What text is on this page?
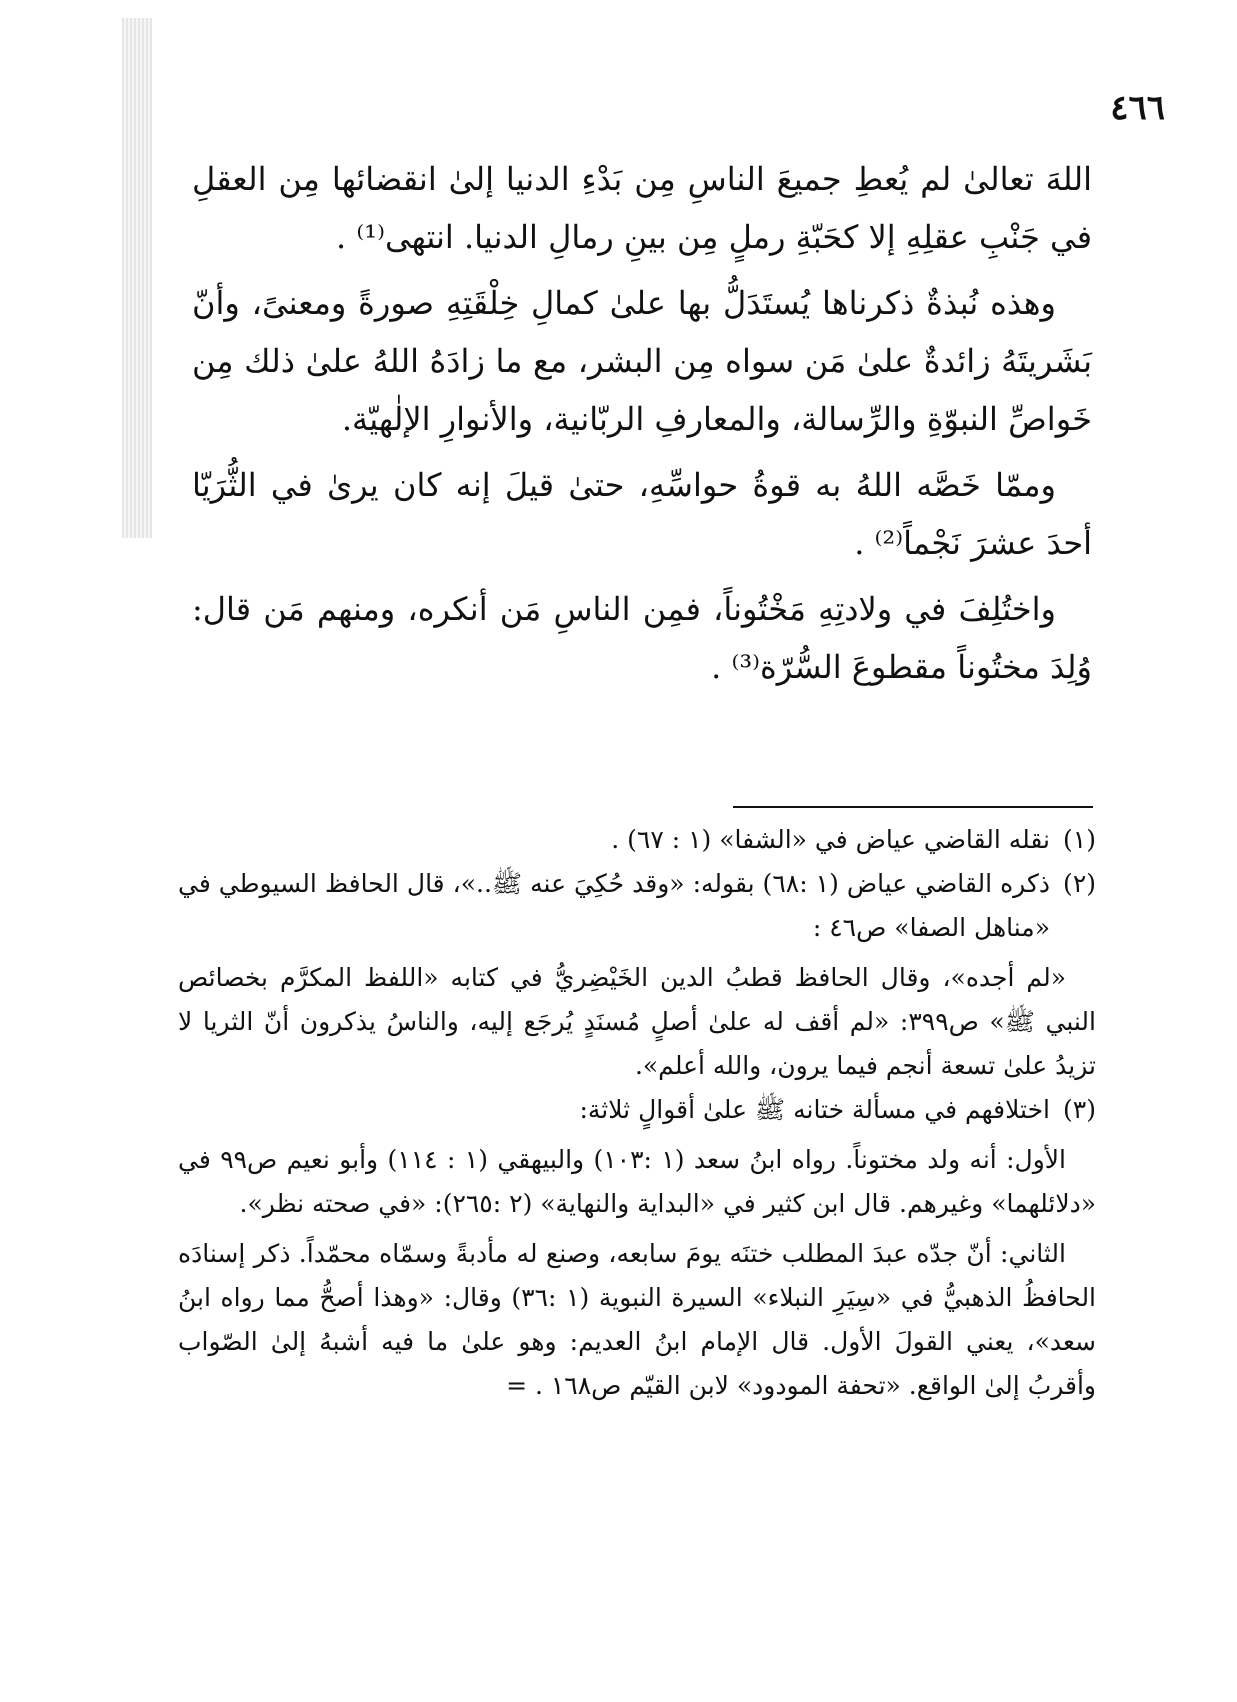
٤٦٦

اللهَ تعالىٰ لم يُعطِ جميعَ الناسِ مِن بَدْءِ الدنيا إلىٰ انقضائها مِن العقلِ في جَنْبِ عقلِهِ إلا كحَبّةِ رملٍ مِن بينِ رمالِ الدنيا. انتهى⁽¹⁾ .

وهذه نُبذةٌ ذكرناها يُستَدَلُّ بها علىٰ كمالِ خِلْقَتِهِ صورةً ومعنىً، وأنّ بَشَريتَهُ زائدةٌ علىٰ مَن سواه مِن البشر، مع ما زادَهُ اللهُ علىٰ ذلك مِن خَواصِّ النبوّةِ والرِّسالة، والمعارفِ الربّانية، والأنوارِ الإلٰهيّة.

وممّا خَصَّه اللهُ به قوةُ حواسِّهِ، حتىٰ قيلَ إنه كان يرىٰ في الثُّرَيّا أحدَ عشرَ نَجْماً⁽²⁾ .

واختُلِفَ في ولادتِهِ مَخْتُوناً، فمِن الناسِ مَن أنكره، ومنهم مَن قال: وُلِدَ مختُوناً مقطوعَ السُّرّة⁽³⁾ .

(١)نقله القاضي عياض في «الشفا» (١ : ٦٧) .

(٢)ذكره القاضي عياض (١ :٦٨) بقوله: «وقد حُكِيَ عنه ﷺ..»، قال الحافظ السيوطي في «مناهل الصفا» ص٤٦ :

«لم أجده»، وقال الحافظ قطبُ الدين الخَيْضِريُّ في كتابه «اللفظ المكرَّم بخصائص النبي ﷺ» ص٣٩٩: «لم أقف له علىٰ أصلٍ مُسنَدٍ يُرجَع إليه، والناسُ يذكرون أنّ الثريا لا تزيدُ علىٰ تسعة أنجم فيما يرون، والله أعلم».

(٣)اختلافهم في مسألة ختانه ﷺ علىٰ أقوالٍ ثلاثة:

الأول: أنه ولد مختوناً. رواه ابنُ سعد (١ :١٠٣) والبيهقي (١ : ١١٤) وأبو نعيم ص٩٩ في «دلائلهما» وغيرهم. قال ابن كثير في «البداية والنهاية» (٢ :٢٦٥): «في صحته نظر».

الثاني: أنّ جدّه عبدَ المطلب ختنَه يومَ سابعه، وصنع له مأدبةً وسمّاه محمّداً. ذكر إسنادَه الحافظُ الذهبيُّ في «سِيَرِ النبلاء» السيرة النبوية (١ :٣٦) وقال: «وهذا أصحُّ مما رواه ابنُ سعد»، يعني القولَ الأول. قال الإمام ابنُ العديم: وهو علىٰ ما فيه أشبهُ إلىٰ الصّواب وأقربُ إلىٰ الواقع. «تحفة المودود» لابن القيّم ص١٦٨ . =
